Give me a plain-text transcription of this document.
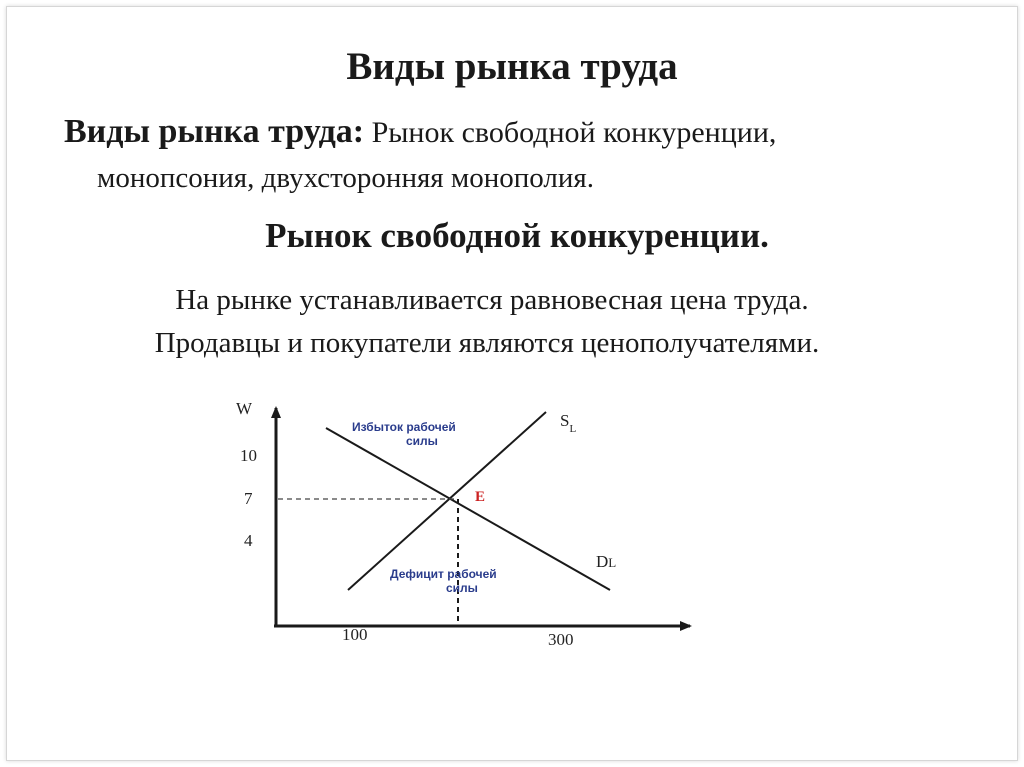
Виды рынка труда
Виды рынка труда: Рынок свободной конкуренции,
монопсония, двухсторонняя монополия.
Рынок свободной конкуренции.
На рынке устанавливается равновесная цена труда.
Продавцы и покупатели являются ценополучателями.
W
10
7
4
100	300
$S_L$
DL
E
Избыток рабочей
силы
Дефицит рабочей
силы
